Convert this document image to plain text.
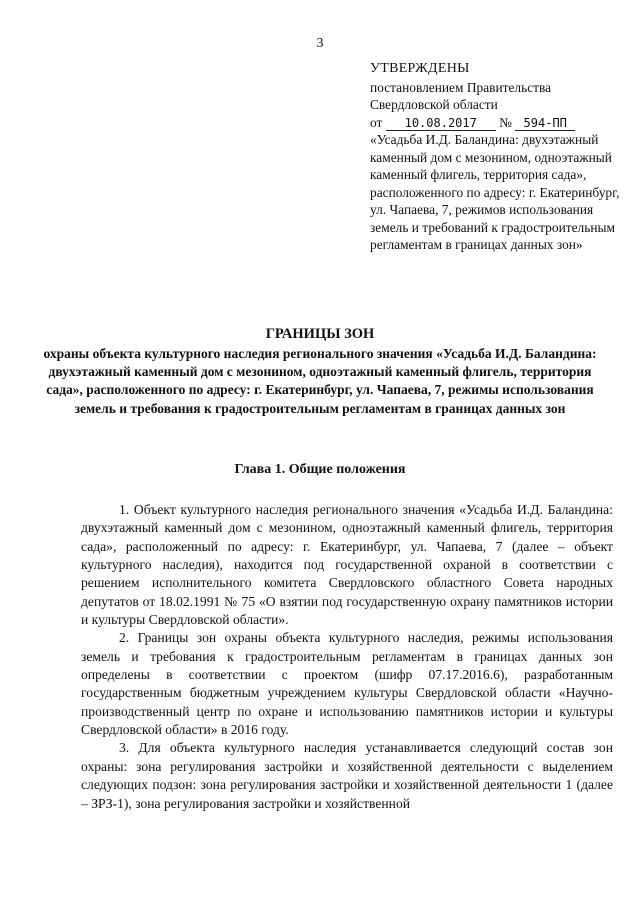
3
УТВЕРЖДЕНЫ
постановлением Правительства
Свердловской области
от 10.08.2017 № 594-ПП
«Усадьба И.Д. Баландина: двухэтажный каменный дом с мезонином, одноэтажный каменный флигель, территория сада», расположенного по адресу: г. Екатеринбург, ул. Чапаева, 7, режимов использования земель и требований к градостроительным регламентам в границах данных зон»
ГРАНИЦЫ ЗОН
охраны объекта культурного наследия регионального значения «Усадьба И.Д. Баландина: двухэтажный каменный дом с мезонином, одноэтажный каменный флигель, территория сада», расположенного по адресу: г. Екатеринбург, ул. Чапаева, 7, режимы использования земель и требования к градостроительным регламентам в границах данных зон
Глава 1. Общие положения

1. Объект культурного наследия регионального значения «Усадьба И.Д. Баландина: двухэтажный каменный дом с мезонином, одноэтажный каменный флигель, территория сада», расположенный по адресу: г. Екатеринбург, ул. Чапаева, 7 (далее – объект культурного наследия), находится под государственной охраной в соответствии с решением исполнительного комитета Свердловского областного Совета народных депутатов от 18.02.1991 № 75 «О взятии под государственную охрану памятников истории и культуры Свердловской области».

2. Границы зон охраны объекта культурного наследия, режимы использования земель и требования к градостроительным регламентам в границах данных зон определены в соответствии с проектом (шифр 07.17.2016.6), разработанным государственным бюджетным учреждением культуры Свердловской области «Научно-производственный центр по охране и использованию памятников истории и культуры Свердловской области» в 2016 году.

3. Для объекта культурного наследия устанавливается следующий состав зон охраны: зона регулирования застройки и хозяйственной деятельности с выделением следующих подзон: зона регулирования застройки и хозяйственной деятельности 1 (далее – ЗРЗ-1), зона регулирования застройки и хозяйственной
